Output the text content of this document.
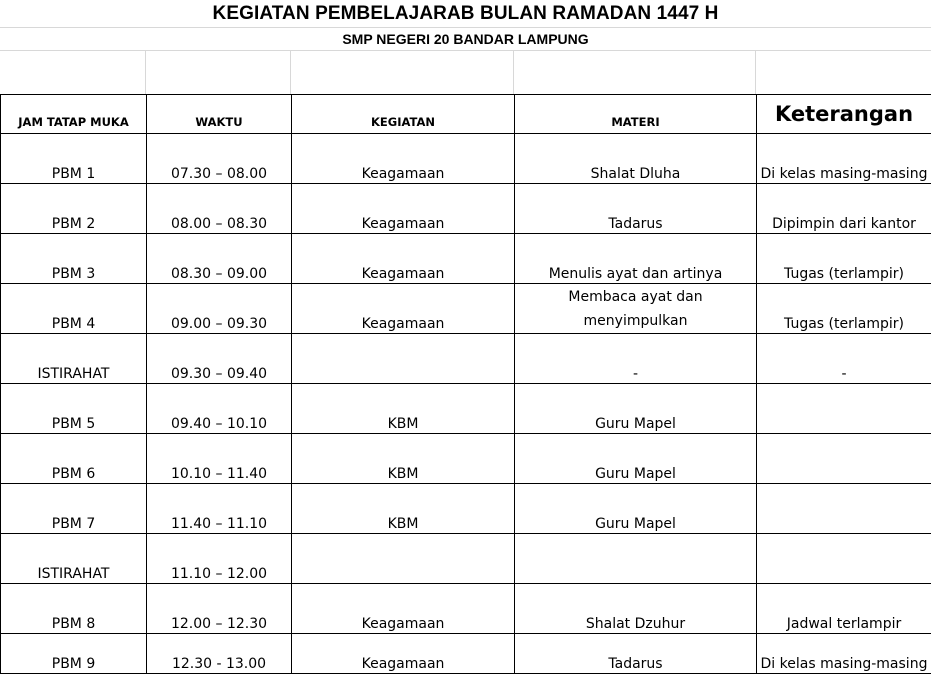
KEGIATAN PEMBELAJARAB BULAN RAMADAN 1447 H
SMP NEGERI 20 BANDAR LAMPUNG
JAM TATAP MUKA	WAKTU	KEGIATAN	MATERI	Keterangan
PBM 1	07.30 – 08.00	Keagamaan	Shalat Dluha	Di kelas masing-masing
PBM 2	08.00 – 08.30	Keagamaan	Tadarus	Dipimpin dari kantor
PBM 3	08.30 – 09.00	Keagamaan	Menulis ayat dan artinya	Tugas (terlampir)
PBM 4	09.00 – 09.30	Keagamaan	Membaca ayat dan menyimpulkan	Tugas (terlampir)
ISTIRAHAT	09.30 – 09.40		-	-
PBM 5	09.40 – 10.10	KBM	Guru Mapel	
PBM 6	10.10 – 11.40	KBM	Guru Mapel	
PBM 7	11.40 – 11.10	KBM	Guru Mapel	
ISTIRAHAT	11.10 – 12.00			
PBM 8	12.00 – 12.30	Keagamaan	Shalat Dzuhur	Jadwal terlampir
PBM 9	12.30 - 13.00	Keagamaan	Tadarus	Di kelas masing-masing
